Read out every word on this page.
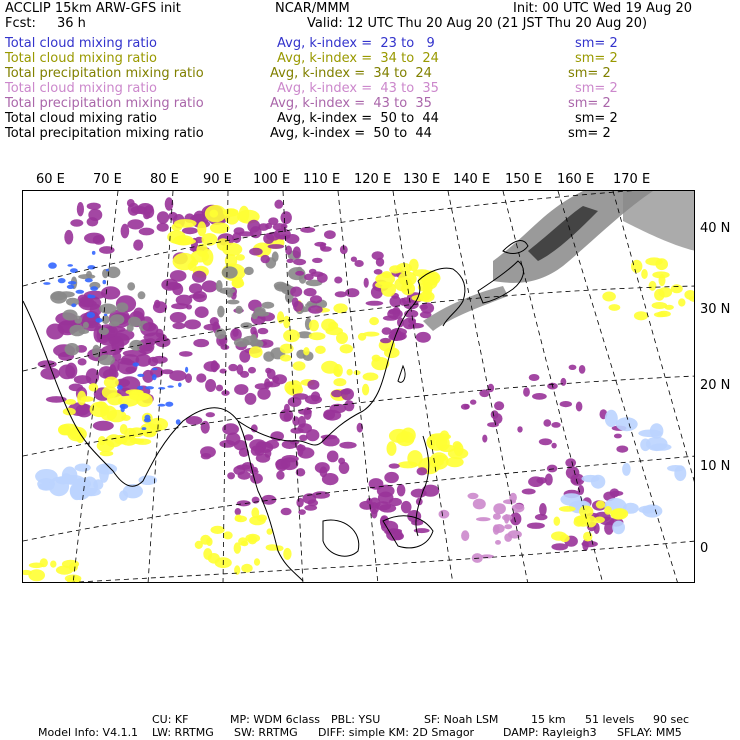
ACCLIP 15km ARW-GFS init	NCAR/MMM	Init: 00 UTC Wed 19 Aug 20
Fcst: 36 h	Valid: 12 UTC Thu 20 Aug 20 (21 JST Thu 20 Aug 20)
Total cloud mixing ratio	Avg, k-index =  23 to   9	sm= 2
Total cloud mixing ratio	Avg, k-index =  34 to  24	sm= 2
Total precipitation mixing ratio	Avg, k-index =  34 to  24	sm= 2
Total cloud mixing ratio	Avg, k-index =  43 to  35	sm= 2
Total precipitation mixing ratio	Avg, k-index =  43 to  35	sm= 2
Total cloud mixing ratio	Avg, k-index =  50 to  44	sm= 2
Total precipitation mixing ratio	Avg, k-index =  50 to  44	sm= 2
60 E 70 E 80 E 90 E 100 E 110 E 120 E 130 E 140 E 150 E 160 E 170 E
40 N
30 N
20 N
10 N
0

Model Info: V4.1.1

CU: KF	MP: WDM 6class PBL: YSU	SF: Noah LSM	15 km 51 levels 90 sec
LW: RRTMG SW: RRTMG DIFF: simple KM: 2D Smagor	DAMP: Rayleigh3 SFLAY: MM5
